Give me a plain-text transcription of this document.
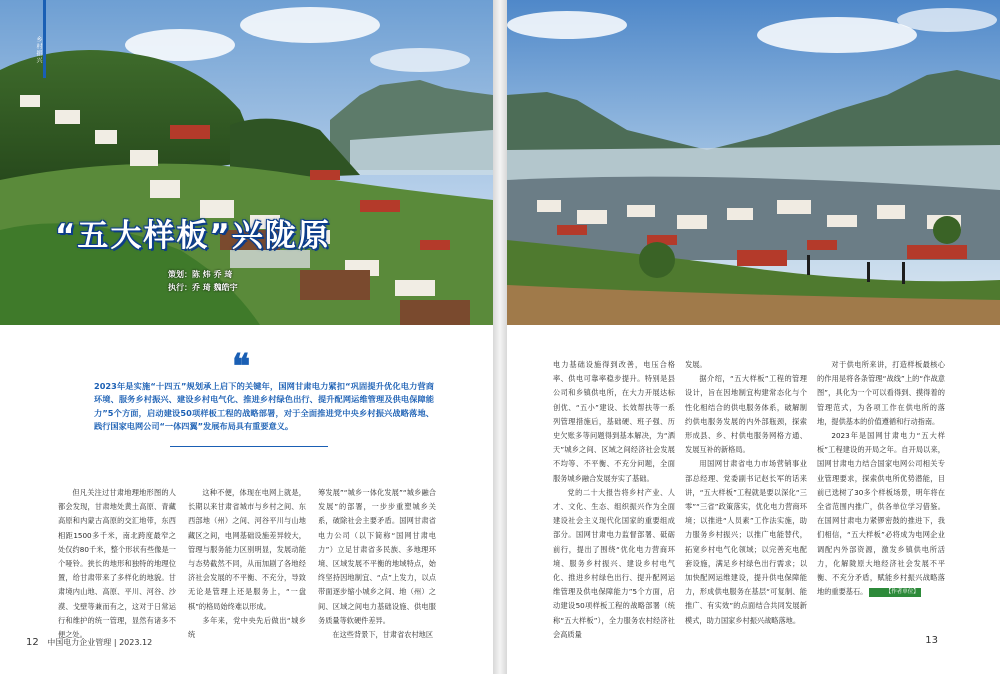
乡村振兴
“五大样板”兴陇原
策划：陈 炜 乔 琦
执行：乔 琦 魏皓宇
❝

2023年是实施“十四五”规划承上启下的关键年，国网甘肃电力紧扣“巩固提升优化电力营商环境、服务乡村振兴、建设乡村电气化、推进乡村绿色出行、提升配网运维管理及供电保障能力”5个方面，启动建设50项样板工程的战略部署，对于全面推进党中央乡村振兴战略落地、践行国家电网公司“一体四翼”发展布局具有重要意义。

但凡关注过甘肃地理地形图的人都会发现，甘肃地处黄土高原、青藏高原和内蒙古高原的交汇地带，东西相距1500多千米，南北跨度最窄之处仅约80千米，整个形状有些像是一个哑铃。狭长的地形和独特的地理位置，给甘肃带来了多样化的地貌。甘肃境内山地、高原、平川、河谷、沙漠、戈壁等兼而有之，这对于日常运行和维护的统一管理，显然有诸多不便之处。

这种不便，体现在电网上就是，长期以来甘肃省城市与乡村之间、东西部地（州）之间、河谷平川与山地藏区之间，电网基础设施差异较大，管理与服务能力区别明显，发展动能与态势截然不同，从而加剧了各地经济社会发展的不平衡、不充分，导致无论是管理上还是服务上，“一盘棋”的格局始终难以形成。

多年来，党中央先后做出“城乡统

筹发展”“城乡一体化发展”“城乡融合发展”的部署，一步步重塑城乡关系，破除社会主要矛盾。国网甘肃省电力公司（以下简称“国网甘肃电力”）立足甘肃省多民族、多地理环境、区域发展不平衡的地域特点，始终坚持因地制宜、“点”上发力，以点带面逐步缩小城乡之间、地（州）之间、区域之间电力基础设施、供电服务质量等软硬件差异。

在这些背景下，甘肃省农村地区

12 中国电力企业管理 | 2023.12

电力基础设施得到改善，电压合格率、供电可靠率稳步提升。特别是县公司和乡镇供电所，在大力开展达标创优、“五小”建设、长效帮扶等一系列管理措施后，基础硬、班子强、历史欠账多等问题得到基本解决，为“洒天”城乡之间、区域之间经济社会发展不均等、不平衡、不充分问题，全面服务城乡融合发展夯实了基础。

党的二十大报告将乡村产业、人才、文化、生态、组织振兴作为全面建设社会主义现代化国家的重要组成部分。国网甘肃电力监督部署、砥砺前行，提出了围绕“优化电力营商环境、服务乡村振兴、建设乡村电气化、推进乡村绿色出行、提升配网运维管理及供电保障能力”5个方面，启动建设50项样板工程的战略部署（统称“五大样板”），全力服务农村经济社会高质量

发展。

据介绍，“五大样板”工程的管理设计，旨在因地制宜构建常态化与个性化相结合的供电服务体系，破解制约供电服务发展的内外部瓶颈，探索形成县、乡、村供电服务网格方通、发展互补的新格局。

用国网甘肃省电力市场营销事业部总经理、党委副书记赵长军的话来讲，“五大样板”工程就是要以深化“三零”“三省”政策落实，优化电力营商环境；以推进“人员素”工作法实施，助力服务乡村振兴；以推广电能替代，拓宽乡村电气化领域；以完善充电配套设施，满足乡村绿色出行需求；以加快配网运维建设，提升供电保障能力，形成供电服务在基层“可复制、能推广、有实效”的点面结合共同发展新模式，助力国家乡村振兴战略落地。

对于供电所来讲，打造样板最核心的作用是将各条管理“战线”上的“作战意图”，具化为一个可以看得到、摸得着的管理范式，为各项工作在供电所的落地，提供基本的价值遵循和行动指南。

2023年是国网甘肃电力“五大样板”工程建设的开局之年。自开局以来，国网甘肃电力结合国家电网公司相关专业管理要求，探索供电所优势潜能，目前已选树了30多个样板场景，明年将在全省范围内推广，供各单位学习借鉴。在国网甘肃电力紧锣密鼓的推进下，我们相信，“五大样板”必将成为电网企业调配内外部资源，激发乡镇供电所活力，化解陇原大地经济社会发展不平衡、不充分矛盾，赋能乡村振兴战略落地的重要基石。	【作者单位】

13
